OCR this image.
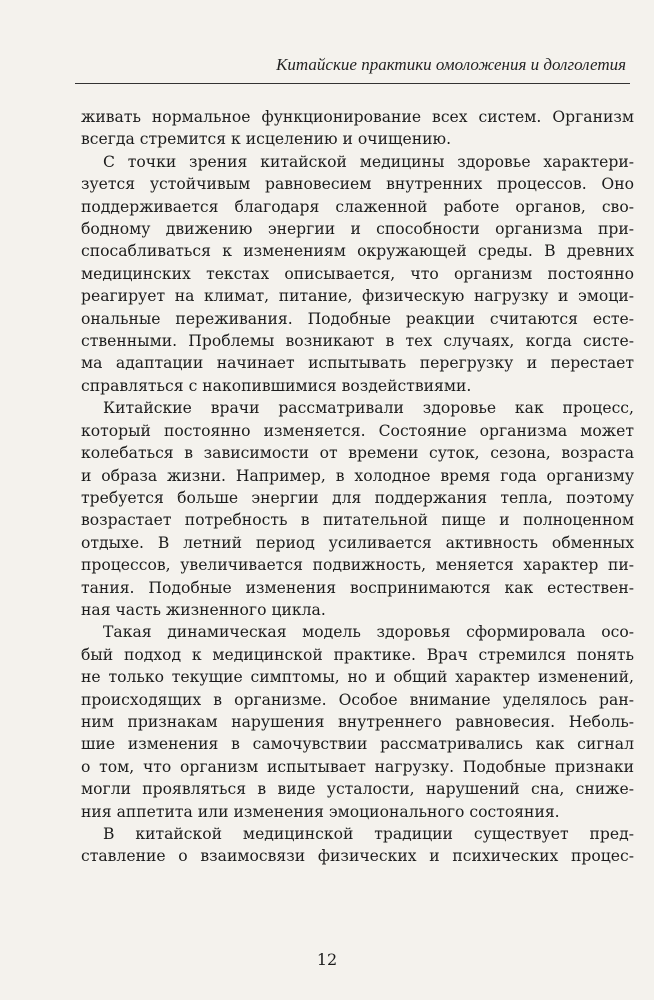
Китайские практики омоложения и долголетия
живать нормальное функционирование всех систем. Организм
всегда стремится к исцелению и очищению.
С точки зрения китайской медицины здоровье характери-
зуется устойчивым равновесием внутренних процессов. Оно
поддерживается благодаря слаженной работе органов, сво-
бодному движению энергии и способности организма при-
спосабливаться к изменениям окружающей среды. В древних
медицинских текстах описывается, что организм постоянно
реагирует на климат, питание, физическую нагрузку и эмоци-
ональные переживания. Подобные реакции считаются есте-
ственными. Проблемы возникают в тех случаях, когда систе-
ма адаптации начинает испытывать перегрузку и перестает
справляться с накопившимися воздействиями.
Китайские врачи рассматривали здоровье как процесс,
который постоянно изменяется. Состояние организма может
колебаться в зависимости от времени суток, сезона, возраста
и образа жизни. Например, в холодное время года организму
требуется больше энергии для поддержания тепла, поэтому
возрастает потребность в питательной пище и полноценном
отдыхе. В летний период усиливается активность обменных
процессов, увеличивается подвижность, меняется характер пи-
тания. Подобные изменения воспринимаются как естествен-
ная часть жизненного цикла.
Такая динамическая модель здоровья сформировала осо-
бый подход к медицинской практике. Врач стремился понять
не только текущие симптомы, но и общий характер изменений,
происходящих в организме. Особое внимание уделялось ран-
ним признакам нарушения внутреннего равновесия. Неболь-
шие изменения в самочувствии рассматривались как сигнал
о том, что организм испытывает нагрузку. Подобные признаки
могли проявляться в виде усталости, нарушений сна, сниже-
ния аппетита или изменения эмоционального состояния.
В китайской медицинской традиции существует пред-
ставление о взаимосвязи физических и психических процес-
12
